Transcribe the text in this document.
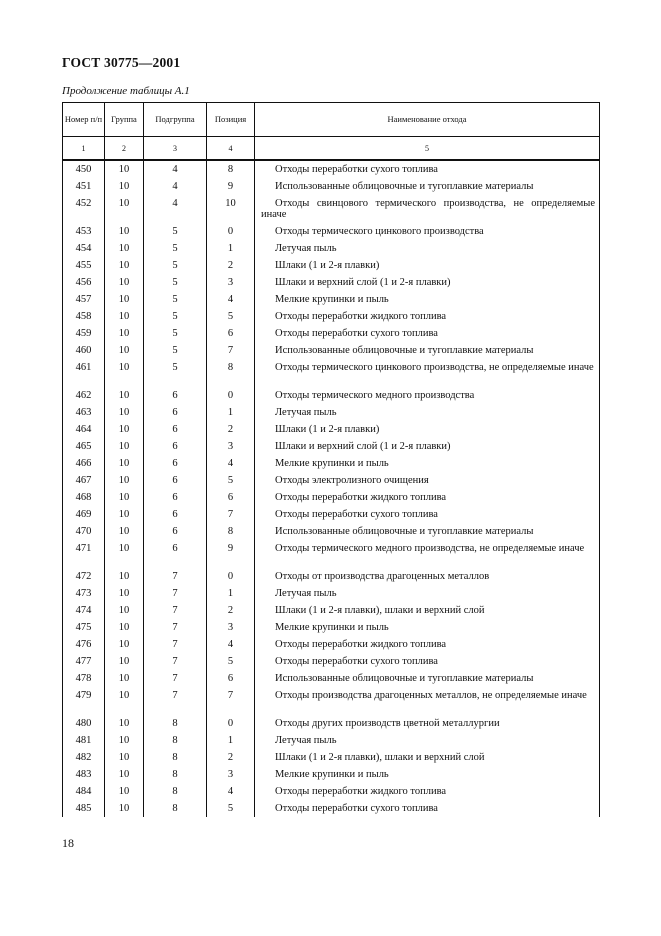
ГОСТ 30775—2001
Продолжение таблицы А.1
Номер п/п	Группа	Подгруппа	Позиция	Наименование отхода
1	2	3	4	5
450	10	4	8	Отходы переработки сухого топлива
451	10	4	9	Использованные облицовочные и тугоплавкие материалы
452	10	4	10	Отходы свинцового термического производства, не определяемые иначе
453	10	5	0	Отходы термического цинкового производства
454	10	5	1	Летучая пыль
455	10	5	2	Шлаки (1 и 2-я плавки)
456	10	5	3	Шлаки и верхний слой (1 и 2-я плавки)
457	10	5	4	Мелкие крупинки и пыль
458	10	5	5	Отходы переработки жидкого топлива
459	10	5	6	Отходы переработки сухого топлива
460	10	5	7	Использованные облицовочные и тугоплавкие материалы
461	10	5	8	Отходы термического цинкового производства, не определяемые иначе
462	10	6	0	Отходы термического медного производства
463	10	6	1	Летучая пыль
464	10	6	2	Шлаки (1 и 2-я плавки)
465	10	6	3	Шлаки и верхний слой (1 и 2-я плавки)
466	10	6	4	Мелкие крупинки и пыль
467	10	6	5	Отходы электролизного очищения
468	10	6	6	Отходы переработки жидкого топлива
469	10	6	7	Отходы переработки сухого топлива
470	10	6	8	Использованные облицовочные и тугоплавкие материалы
471	10	6	9	Отходы термического медного производства, не определяемые иначе
472	10	7	0	Отходы от производства драгоценных металлов
473	10	7	1	Летучая пыль
474	10	7	2	Шлаки (1 и 2-я плавки), шлаки и верхний слой
475	10	7	3	Мелкие крупинки и пыль
476	10	7	4	Отходы переработки жидкого топлива
477	10	7	5	Отходы переработки сухого топлива
478	10	7	6	Использованные облицовочные и тугоплавкие материалы
479	10	7	7	Отходы производства драгоценных металлов, не определяемые иначе
480	10	8	0	Отходы других производств цветной металлургии
481	10	8	1	Летучая пыль
482	10	8	2	Шлаки (1 и 2-я плавки), шлаки и верхний слой
483	10	8	3	Мелкие крупинки и пыль
484	10	8	4	Отходы переработки жидкого топлива
485	10	8	5	Отходы переработки сухого топлива
18
